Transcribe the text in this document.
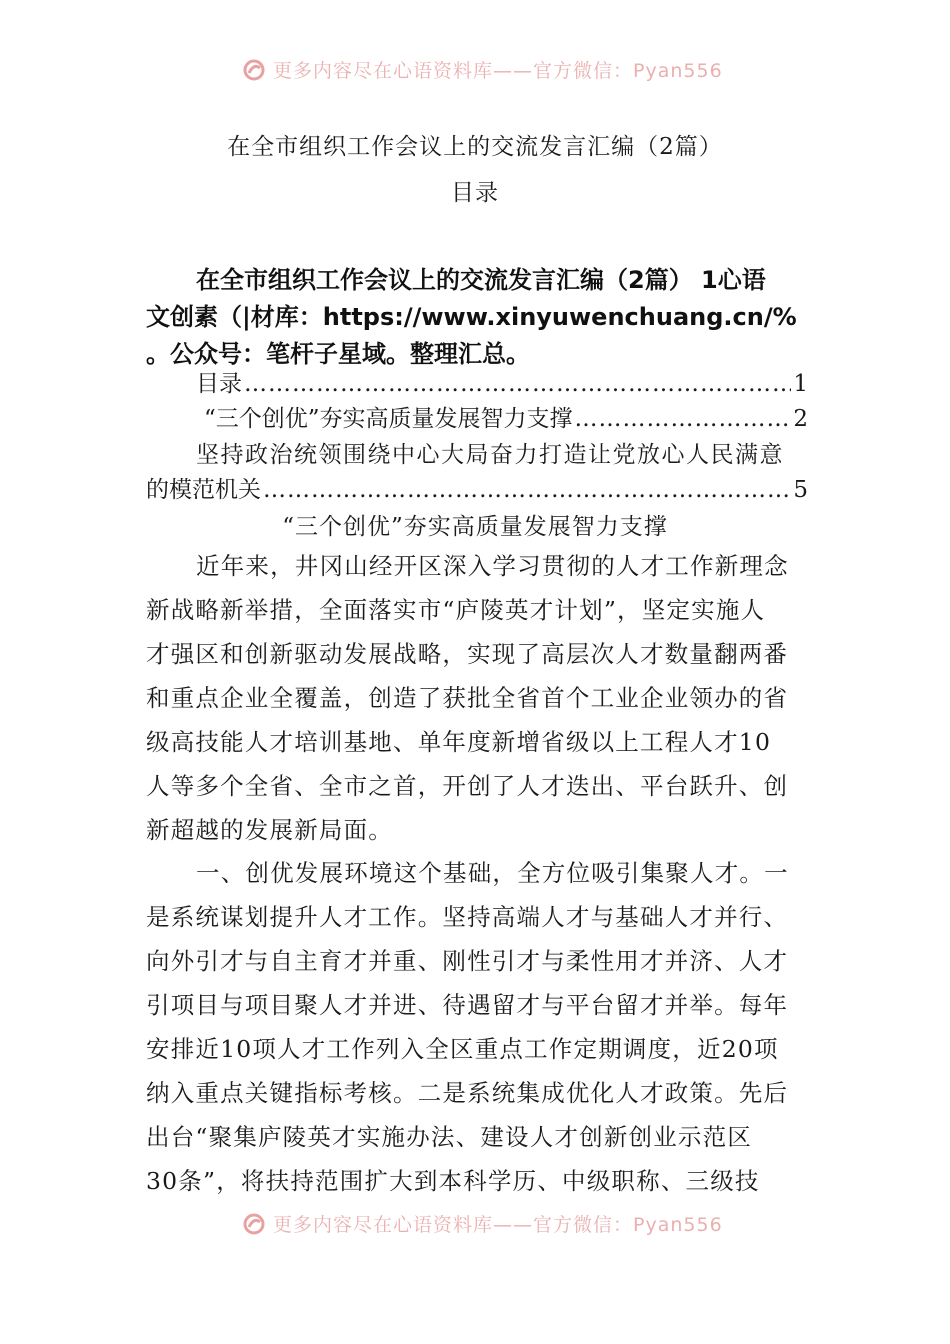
更多内容尽在心语资料库——官方微信：Pyan556
在全市组织工作会议上的交流发言汇编（2篇）
目录

在全市组织工作会议上的交流发言汇编（2篇） 1心语

文创素（|材库：https://www.xinyuwenchuang.cn/%

。公众号：笔杆子星域。整理汇总。

目录 ……………………………………………………………………………………………………………………………………	1
“三个创优”夯实高质量发展智力支撑 ……………………………………………………………………………………………………………………………………	2
坚持政治统领围绕中心大局奋力打造让党放心人民满意
的模范机关 ……………………………………………………………………………………………………………………………………	5
“三个创优”夯实高质量发展智力支撑
近年来，井冈山经开区深入学习贯彻的人才工作新理念
新战略新举措，全面落实市“庐陵英才计划”，坚定实施人
才强区和创新驱动发展战略，实现了高层次人才数量翻两番
和重点企业全覆盖，创造了获批全省首个工业企业领办的省
级高技能人才培训基地、单年度新增省级以上工程人才10
人等多个全省、全市之首，开创了人才迭出、平台跃升、创
新超越的发展新局面。
一、创优发展环境这个基础，全方位吸引集聚人才。一
是系统谋划提升人才工作。坚持高端人才与基础人才并行、
向外引才与自主育才并重、刚性引才与柔性用才并济、人才
引项目与项目聚人才并进、待遇留才与平台留才并举。每年
安排近10项人才工作列入全区重点工作定期调度，近20项
纳入重点关键指标考核。二是系统集成优化人才政策。先后
出台“聚集庐陵英才实施办法、建设人才创新创业示范区
30条”，将扶持范围扩大到本科学历、中级职称、三级技
更多内容尽在心语资料库——官方微信：Pyan556
